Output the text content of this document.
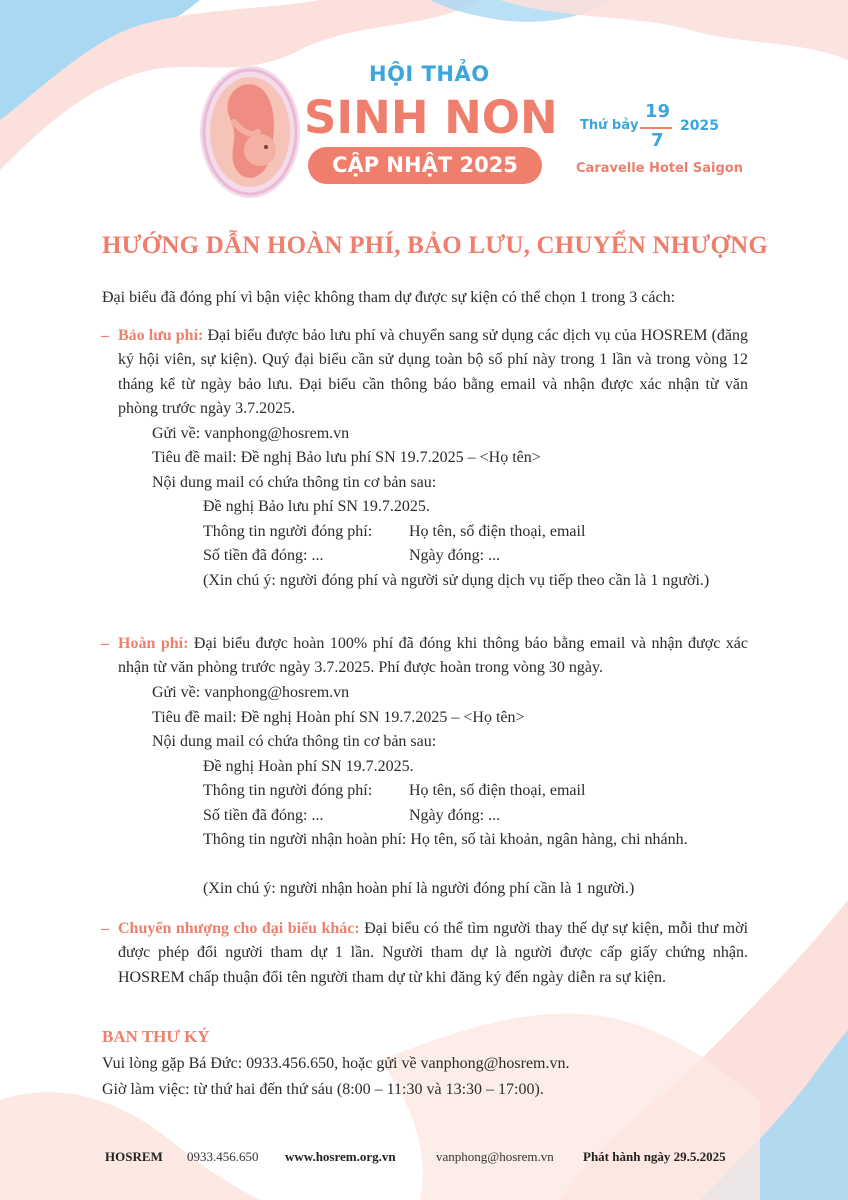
HỘI THẢO
SINH NON
CẬP NHẬT 2025
Thứ bảy
19
7
2025
Caravelle Hotel Saigon
HƯỚNG DẪN HOÀN PHÍ, BẢO LƯU, CHUYỂN NHƯỢNG
Đại biểu đã đóng phí vì bận việc không tham dự được sự kiện có thể chọn 1 trong 3 cách:
– Bảo lưu phí: Đại biểu được bảo lưu phí và chuyển sang sử dụng các dịch vụ của HOSREM (đăng ký hội viên, sự kiện). Quý đại biểu cần sử dụng toàn bộ số phí này trong 1 lần và trong vòng 12 tháng kể từ ngày bảo lưu. Đại biểu cần thông báo bằng email và nhận được xác nhận từ văn phòng trước ngày 3.7.2025.
Gửi về: vanphong@hosrem.vn
Tiêu đề mail: Đề nghị Bảo lưu phí SN 19.7.2025 – <Họ tên>
Nội dung mail có chứa thông tin cơ bản sau:
Đề nghị Bảo lưu phí SN 19.7.2025.
Thông tin người đóng phí: Họ tên, số điện thoại, email
Số tiền đã đóng: ...	Ngày đóng: ...
(Xin chú ý: người đóng phí và người sử dụng dịch vụ tiếp theo cần là 1 người.)
– Hoàn phí: Đại biểu được hoàn 100% phí đã đóng khi thông báo bằng email và nhận được xác nhận từ văn phòng trước ngày 3.7.2025. Phí được hoàn trong vòng 30 ngày.
Gửi về: vanphong@hosrem.vn
Tiêu đề mail: Đề nghị Hoàn phí SN 19.7.2025 – <Họ tên>
Nội dung mail có chứa thông tin cơ bản sau:
Đề nghị Hoàn phí SN 19.7.2025.
Thông tin người đóng phí: Họ tên, số điện thoại, email
Số tiền đã đóng: ...	Ngày đóng: ...
Thông tin người nhận hoàn phí: Họ tên, số tài khoản, ngân hàng, chi nhánh.
(Xin chú ý: người nhận hoàn phí là người đóng phí cần là 1 người.)
– Chuyển nhượng cho đại biểu khác: Đại biểu có thể tìm người thay thế dự sự kiện, mỗi thư mời được phép đổi người tham dự 1 lần. Người tham dự là người được cấp giấy chứng nhận. HOSREM chấp thuận đổi tên người tham dự từ khi đăng ký đến ngày diễn ra sự kiện.
BAN THƯ KÝ
Vui lòng gặp Bá Đức: 0933.456.650, hoặc gửi về vanphong@hosrem.vn.
Giờ làm việc: từ thứ hai đến thứ sáu (8:00 – 11:30 và 13:30 – 17:00).
HOSREM 0933.456.650 www.hosrem.org.vn	vanphong@hosrem.vn Phát hành ngày 29.5.2025
